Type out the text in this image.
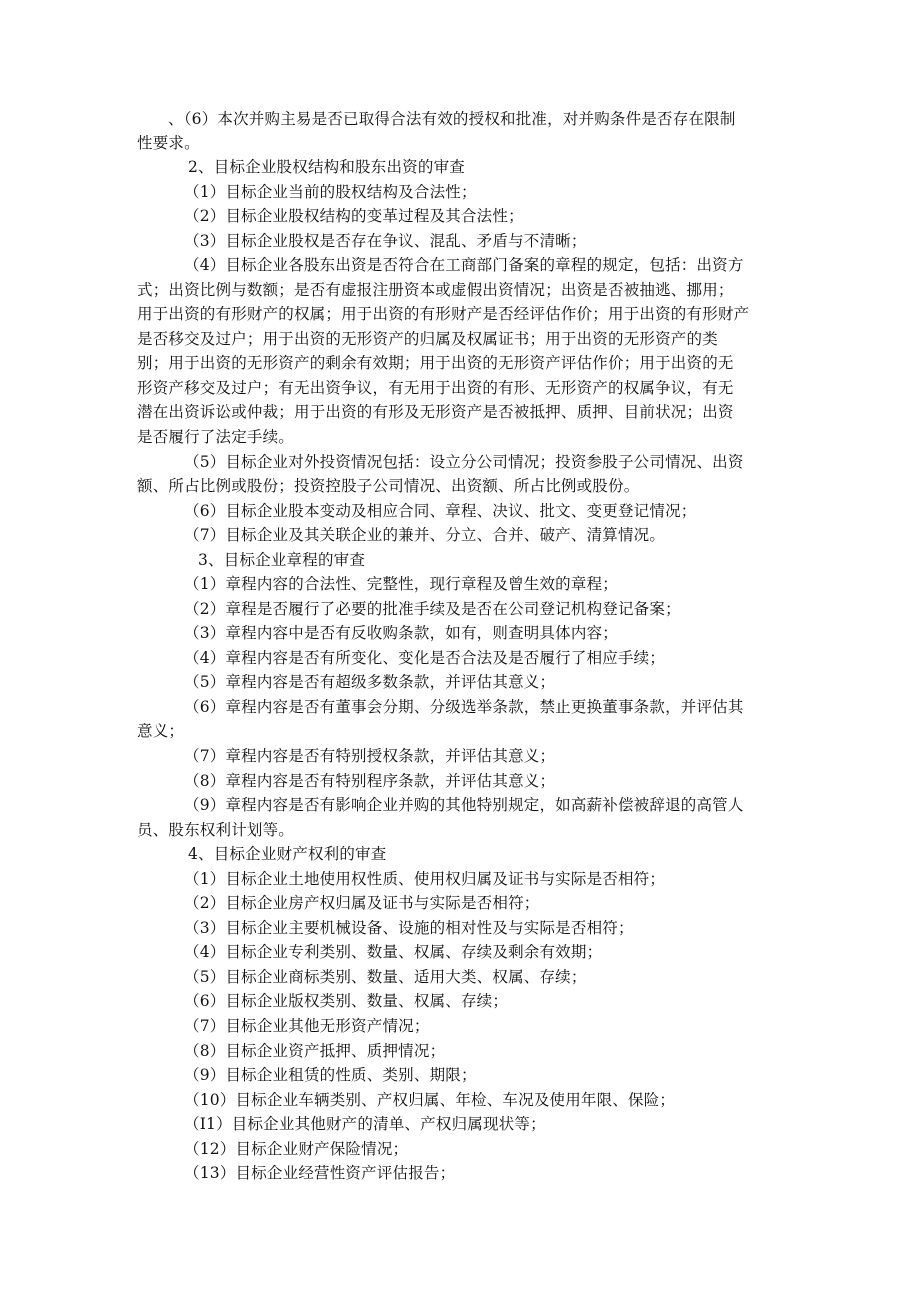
、（6）本次并购主易是否已取得合法有效的授权和批准，对并购条件是否存在限制
性要求。
2、目标企业股权结构和股东出资的审查
（1）目标企业当前的股权结构及合法性；
（2）目标企业股权结构的变革过程及其合法性；
（3）目标企业股权是否存在争议、混乱、矛盾与不清晰；
（4）目标企业各股东出资是否符合在工商部门备案的章程的规定，包括：出资方
式；出资比例与数额；是否有虚报注册资本或虚假出资情况；出资是否被抽逃、挪用；
用于出资的有形财产的权属；用于出资的有形财产是否经评估作价；用于出资的有形财产
是否移交及过户；用于出资的无形资产的归属及权属证书；用于出资的无形资产的类
别；用于出资的无形资产的剩余有效期；用于出资的无形资产评估作价；用于出资的无
形资产移交及过户；有无出资争议，有无用于出资的有形、无形资产的权属争议，有无
潜在出资诉讼或仲裁；用于出资的有形及无形资产是否被抵押、质押、目前状况；出资
是否履行了法定手续。
（5）目标企业对外投资情况包括：设立分公司情况；投资参股子公司情况、出资
额、所占比例或股份；投资控股子公司情况、出资额、所占比例或股份。
（6）目标企业股本变动及相应合同、章程、决议、批文、变更登记情况；
（7）目标企业及其关联企业的兼并、分立、合并、破产、清算情况。
3、目标企业章程的审查
（1）章程内容的合法性、完整性，现行章程及曾生效的章程；
（2）章程是否履行了必要的批准手续及是否在公司登记机构登记备案；
（3）章程内容中是否有反收购条款，如有，则查明具体内容；
（4）章程内容是否有所变化、变化是否合法及是否履行了相应手续；
（5）章程内容是否有超级多数条款，并评估其意义；
（6）章程内容是否有董事会分期、分级选举条款，禁止更换董事条款，并评估其
意义；
（7）章程内容是否有特别授权条款，并评估其意义；
（8）章程内容是否有特别程序条款，并评估其意义；
（9）章程内容是否有影响企业并购的其他特别规定，如高薪补偿被辞退的高管人
员、股东权利计划等。
4、目标企业财产权利的审查
（1）目标企业土地使用权性质、使用权归属及证书与实际是否相符；
（2）目标企业房产权归属及证书与实际是否相符；
（3）目标企业主要机械设备、设施的相对性及与实际是否相符；
（4）目标企业专利类别、数量、权属、存续及剩余有效期；
（5）目标企业商标类别、数量、适用大类、权属、存续；
（6）目标企业版权类别、数量、权属、存续；
（7）目标企业其他无形资产情况；
（8）目标企业资产抵押、质押情况；
（9）目标企业租赁的性质、类别、期限；
（10）目标企业车辆类别、产权归属、年检、车况及使用年限、保险；
（I1）目标企业其他财产的清单、产权归属现状等；
（12）目标企业财产保险情况；
（13）目标企业经营性资产评估报告；
